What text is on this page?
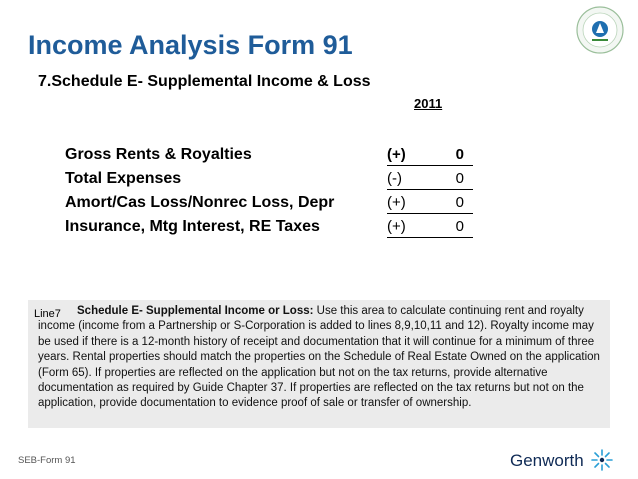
Income Analysis Form 91
7.Schedule E- Supplemental Income & Loss
2011
Gross Rents & Royalties	(+)	0
Total Expenses	(-)	0
Amort/Cas Loss/Nonrec Loss, Depr	(+)	0
Insurance, Mtg Interest, RE Taxes	(+)	0
Line7	Schedule E- Supplemental Income or Loss: Use this area to calculate continuing rent and royalty income (income from a Partnership or S-Corporation is added to lines 8,9,10,11 and 12). Royalty income may be used if there is a 12-month history of receipt and documentation that it will continue for a minimum of three years. Rental properties should match the properties on the Schedule of Real Estate Owned on the application (Form 65). If properties are reflected on the application but not on the tax returns, provide alternative documentation as required by Guide Chapter 37. If properties are reflected on the tax returns but not on the application, provide documentation to evidence proof of sale or transfer of ownership.
SEB-Form 91	Genworth
